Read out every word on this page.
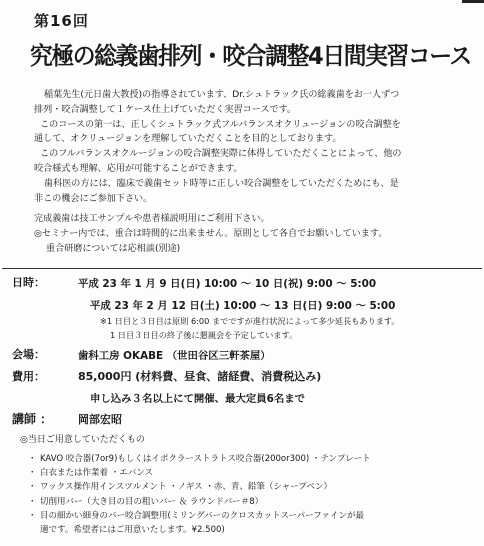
第16回
究極の総義歯排列・咬合調整4日間実習コース

稲葉先生(元日歯大教授)の指導されています、Dr.シュトラック氏の総義歯をお一人ずつ

排列・咬合調整して１ケース仕上げていただく実習コースです。

このコースの第一は、正しくシュトラック式フルバランスオクリュージョンの咬合調整を

通して、オクリュージョンを理解していただくことを目的としております。

このフルバランスオクルージョンの咬合調整実際に体得していただくことによって、他の

咬合様式も理解、応用が可能することができます。

歯科医の方には、臨床で義歯セット時等に正しい咬合調整をしていただくためにも、是

非この機会にご参加下さい。

完成義歯は技工サンプルや患者様説明用にご利用下さい。

◎セミナー内では、重合は時間的に出来ません。原則として各自でお願いしています。

重合研磨については応相談(別途)

日時：	平成 23 年 1 月 9 日(日) 10:00 ～ 10 日(祝) 9:00 ～ 5:00
平成 23 年 2 月 12 日(土) 10:00 ～ 13 日(日) 9:00 ～ 5:00
※1 日目と３日目は原則 6:00 までですが進行状況によって多少延長もあります。
1 日目３日目の終了後に懇親会を予定しています。
会場：	歯科工房 OKABE （世田谷区三軒茶屋）
費用：	85,000円 (材料費、昼食、諸経費、消費税込み)
申し込み３名以上にて開催、最大定員6名まで
講師 ： 岡部宏昭
◎当日ご用意していただくもの
・ KAVO 咬合器(7or9)もしくはイボクラーストラトス咬合器(200or300) ・テンプレート
・ 白衣または作業着 ・エバンス
・ ワックス操作用インスツルメント ・ノギス ・赤、青、鉛筆（シャープペン）
・ 切削用バー（大き目の目の粗いバー ＆ ラウンドバー＃8）
・ 目の細かい細身のバー咬合調整用(ミリングバーのクロスカットスーパーファインが最
適です。希望者にはご用意いたします。¥2.500)
